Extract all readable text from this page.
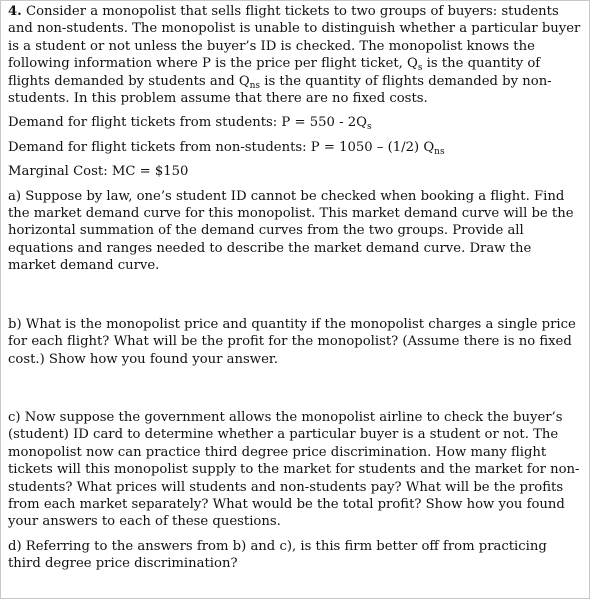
4. Consider a monopolist that sells flight tickets to two groups of buyers: students and non-students. The monopolist is unable to distinguish whether a particular buyer is a student or not unless the buyer’s ID is checked. The monopolist knows the following information where P is the price per flight ticket, $Q_s$ is the quantity of flights demanded by students and $Q_{ns}$ is the quantity of flights demanded by non-students. In this problem assume that there are no fixed costs.

Demand for flight tickets from students: $P = 550 - 2Q_s$

Demand for flight tickets from non-students: P = 1050 – (1/2) $Q_{ns}$

Marginal Cost: MC = $150

a) Suppose by law, one’s student ID cannot be checked when booking a flight. Find the market demand curve for this monopolist. This market demand curve will be the horizontal summation of the demand curves from the two groups. Provide all equations and ranges needed to describe the market demand curve. Draw the market demand curve.

b) What is the monopolist price and quantity if the monopolist charges a single price for each flight? What will be the profit for the monopolist? (Assume there is no fixed cost.) Show how you found your answer.

c) Now suppose the government allows the monopolist airline to check the buyer’s (student) ID card to determine whether a particular buyer is a student or not. The monopolist now can practice third degree price discrimination. How many flight tickets will this monopolist supply to the market for students and the market for non-students? What prices will students and non-students pay? What will be the profits from each market separately? What would be the total profit? Show how you found your answers to each of these questions.

d) Referring to the answers from b) and c), is this firm better off from practicing third degree price discrimination?
